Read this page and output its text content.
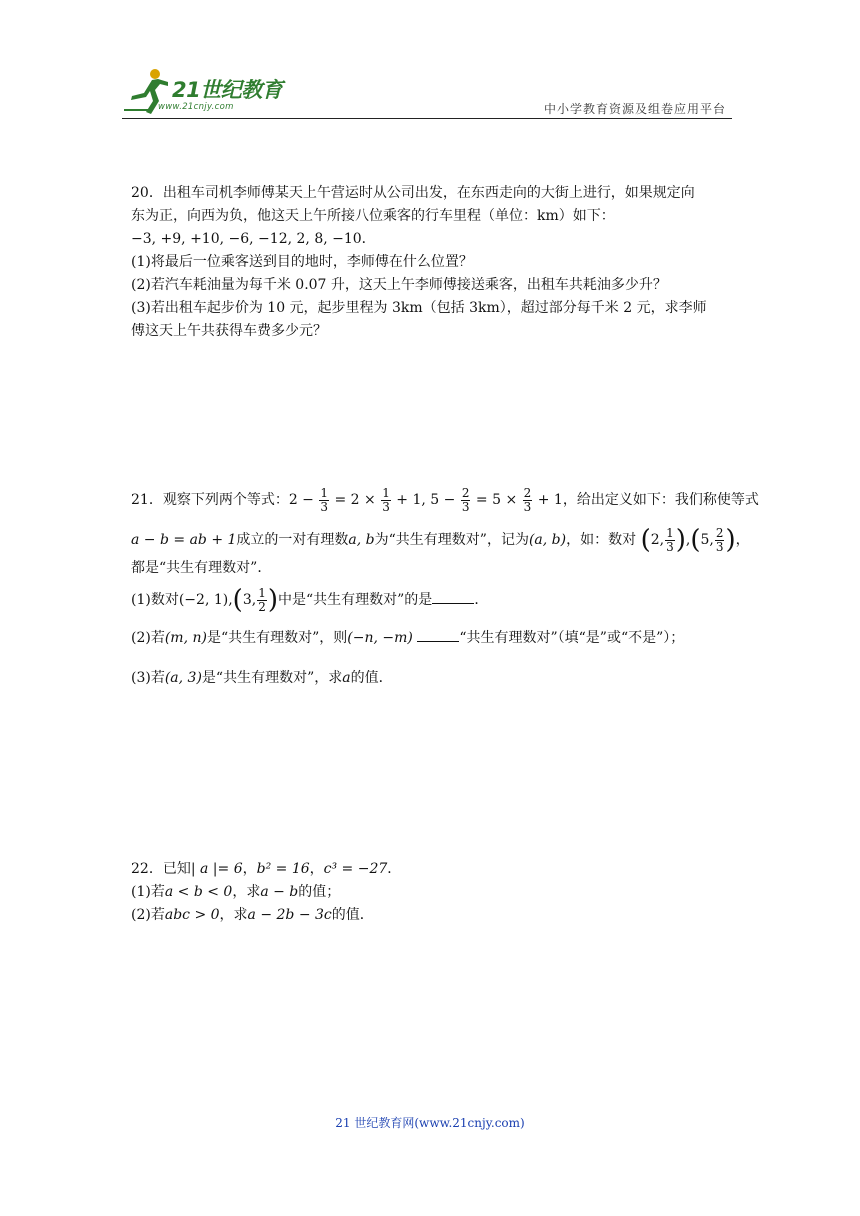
21世纪教育
www.21cnjy.com	中小学教育资源及组卷应用平台

20．出租车司机李师傅某天上午营运时从公司出发，在东西走向的大街上进行，如果规定向

东为正，向西为负，他这天上午所接八位乘客的行车里程（单位：km）如下：

−3, +9, +10, −6, −12, 2, 8, −10．

(1)将最后一位乘客送到目的地时，李师傅在什么位置？

(2)若汽车耗油量为每千米 0.07 升，这天上午李师傅接送乘客，出租车共耗油多少升？

(3)若出租车起步价为 10 元，起步里程为 3km（包括 3km），超过部分每千米 2 元，求李师

傅这天上午共获得车费多少元？

21．观察下列两个等式：$2 - \frac{1}{3} = 2 \times \frac{1}{3} + 1$, $5 - \frac{2}{3} = 5 \times \frac{2}{3} + 1$，给出定义如下：我们称使等式

a − b = ab + 1成立的一对有理数a, b为“共生有理数对”，记为(a, b)，如：数对 (2, $\frac{1}{3} ),(5$, $\frac{2}{3}$ )，

都是“共生有理数对”．

(1)数对(−2, 1),(3, $\frac{1}{2}$ )中是“共生有理数对”的是	．

(2)若(m, n)是“共生有理数对”，则(−n, −m)	“共生有理数对”（填“是”或“不是”）；

(3)若(a, 3)是“共生有理数对”，求a的值．

22．已知| a |= 6，b² = 16，c³ = −27．

(1)若a < b < 0，求a − b的值；

(2)若abc > 0，求a − 2b − 3c的值．

21 世纪教育网(www.21cnjy.com)
